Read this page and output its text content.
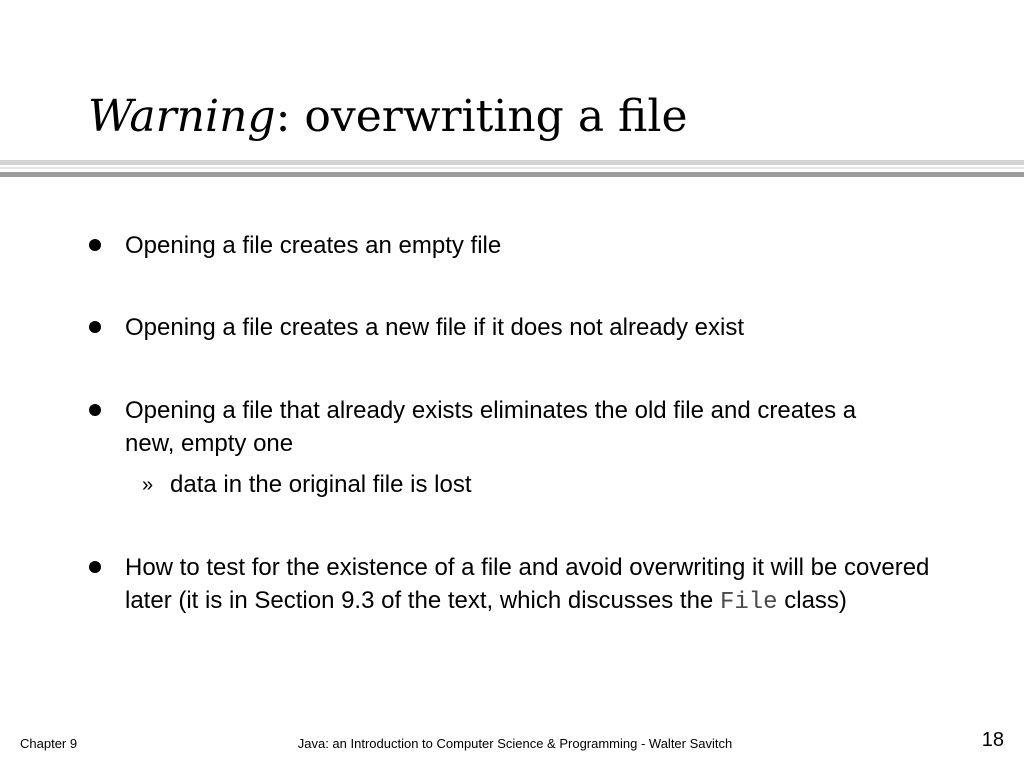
Warning: overwriting a file
Opening a file creates an empty file
Opening a file creates a new file if it does not already exist
Opening a file that already exists eliminates the old file and creates a new, empty one
» data in the original file is lost
How to test for the existence of a file and avoid overwriting it will be covered later (it is in Section 9.3 of the text, which discusses the File class)
Chapter 9	Java: an Introduction to Computer Science & Programming - Walter Savitch	18
